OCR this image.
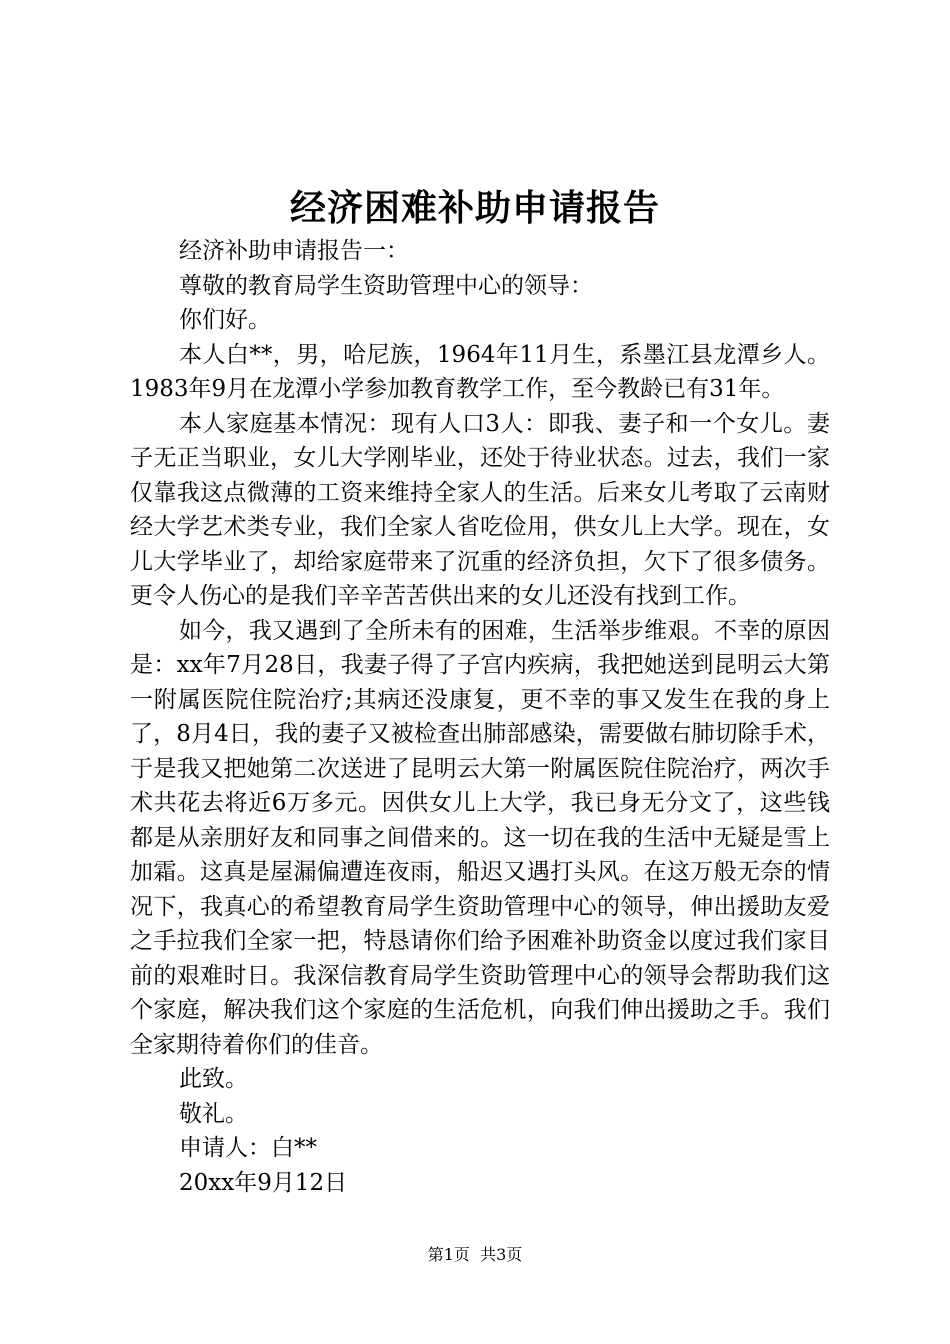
经济困难补助申请报告

经济补助申请报告一：

尊敬的教育局学生资助管理中心的领导：

你们好。

本人白**，男，哈尼族，1964年11月生，系墨江县龙潭乡人。1983年9月在龙潭小学参加教育教学工作，至今教龄已有31年。

本人家庭基本情况：现有人口3人：即我、妻子和一个女儿。妻子无正当职业，女儿大学刚毕业，还处于待业状态。过去，我们一家仅靠我这点微薄的工资来维持全家人的生活。后来女儿考取了云南财经大学艺术类专业，我们全家人省吃俭用，供女儿上大学。现在，女儿大学毕业了，却给家庭带来了沉重的经济负担，欠下了很多债务。更令人伤心的是我们辛辛苦苦供出来的女儿还没有找到工作。

如今，我又遇到了全所未有的困难，生活举步维艰。不幸的原因是：xx年7月28日，我妻子得了子宫内疾病，我把她送到昆明云大第一附属医院住院治疗;其病还没康复，更不幸的事又发生在我的身上了，8月4日，我的妻子又被检查出肺部感染，需要做右肺切除手术，于是我又把她第二次送进了昆明云大第一附属医院住院治疗，两次手术共花去将近6万多元。因供女儿上大学，我已身无分文了，这些钱都是从亲朋好友和同事之间借来的。这一切在我的生活中无疑是雪上加霜。这真是屋漏偏遭连夜雨，船迟又遇打头风。在这万般无奈的情况下，我真心的希望教育局学生资助管理中心的领导，伸出援助友爱之手拉我们全家一把，特恳请你们给予困难补助资金以度过我们家目前的艰难时日。我深信教育局学生资助管理中心的领导会帮助我们这个家庭，解决我们这个家庭的生活危机，向我们伸出援助之手。我们全家期待着你们的佳音。

此致。

敬礼。

申请人：白**

20xx年9月12日

第1页 共3页
